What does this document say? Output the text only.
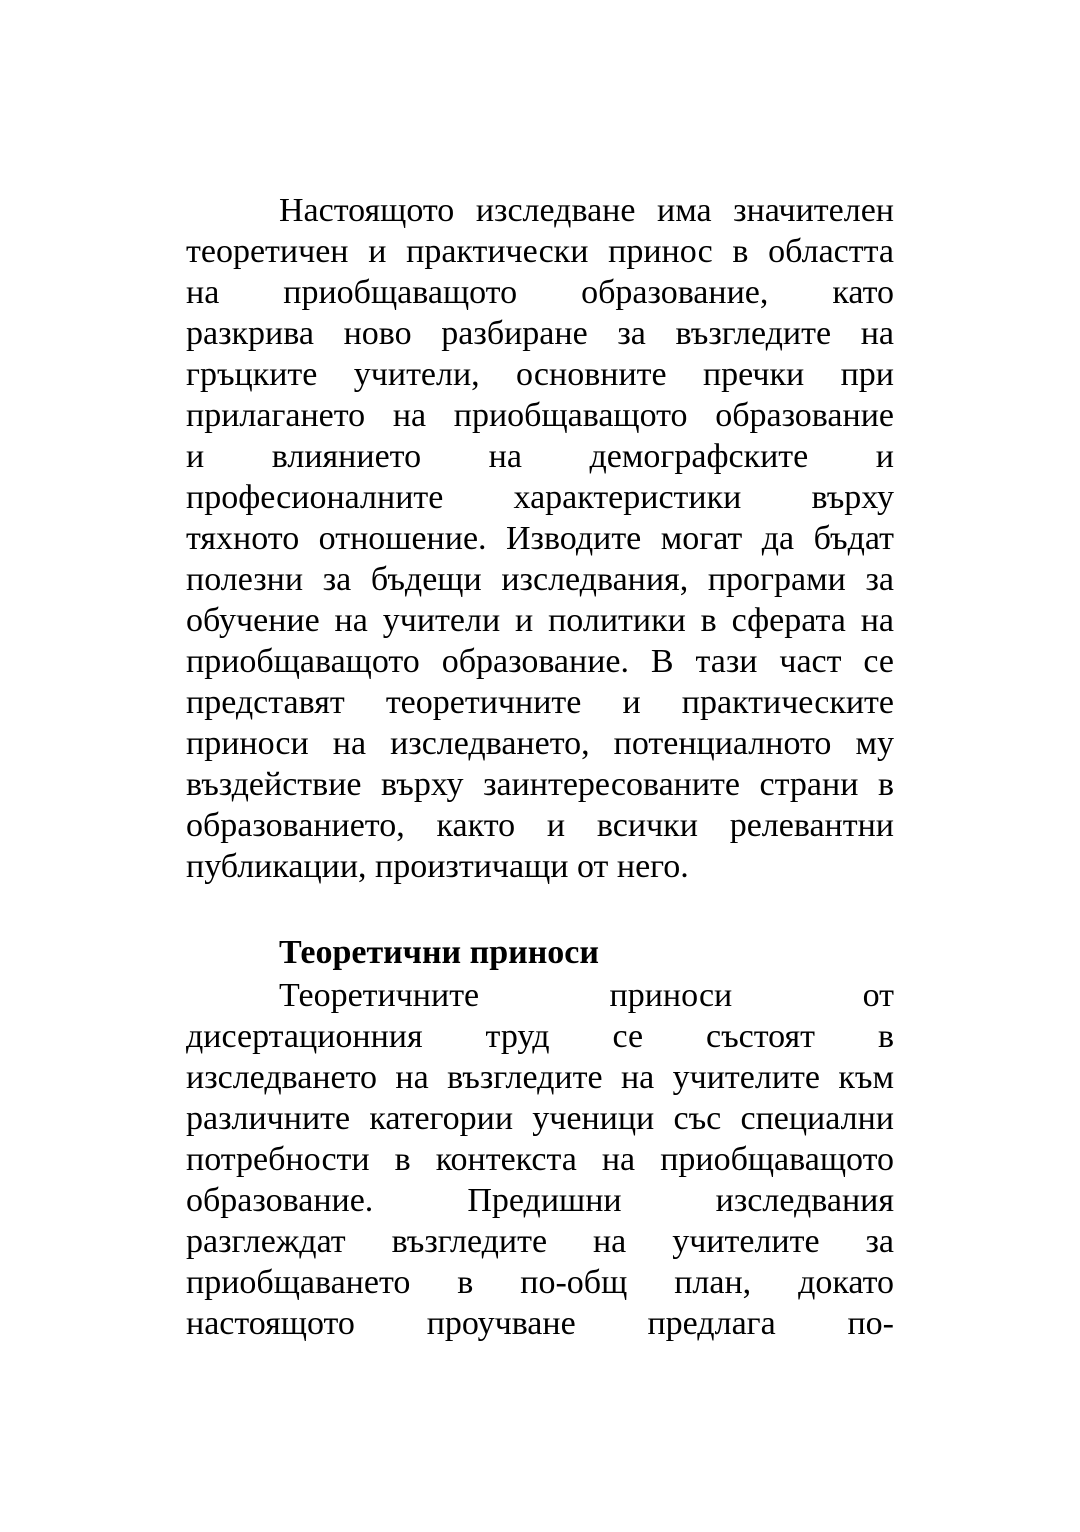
Настоящото изследване има значителен
теоретичен и практически принос в областта
на приобщаващото образование, като
разкрива ново разбиране за възгледите на
гръцките учители, основните пречки при
прилагането на приобщаващото образование
и влиянието на демографските и
професионалните характеристики върху
тяхното отношение. Изводите могат да бъдат
полезни за бъдещи изследвания, програми за
обучение на учители и политики в сферата на
приобщаващото образование. В тази част се
представят теоретичните и практическите
приноси на изследването, потенциалното му
въздействие върху заинтересованите страни в
образованието, както и всички релевантни
публикации, произтичащи от него.
Теоретични приноси
Теоретичните приноси от
дисертационния труд се състоят в
изследването на възгледите на учителите към
различните категории ученици със специални
потребности в контекста на приобщаващото
образование. Предишни изследвания
разглеждат възгледите на учителите за
приобщаването в по-общ план, докато
настоящото проучване предлага по-
